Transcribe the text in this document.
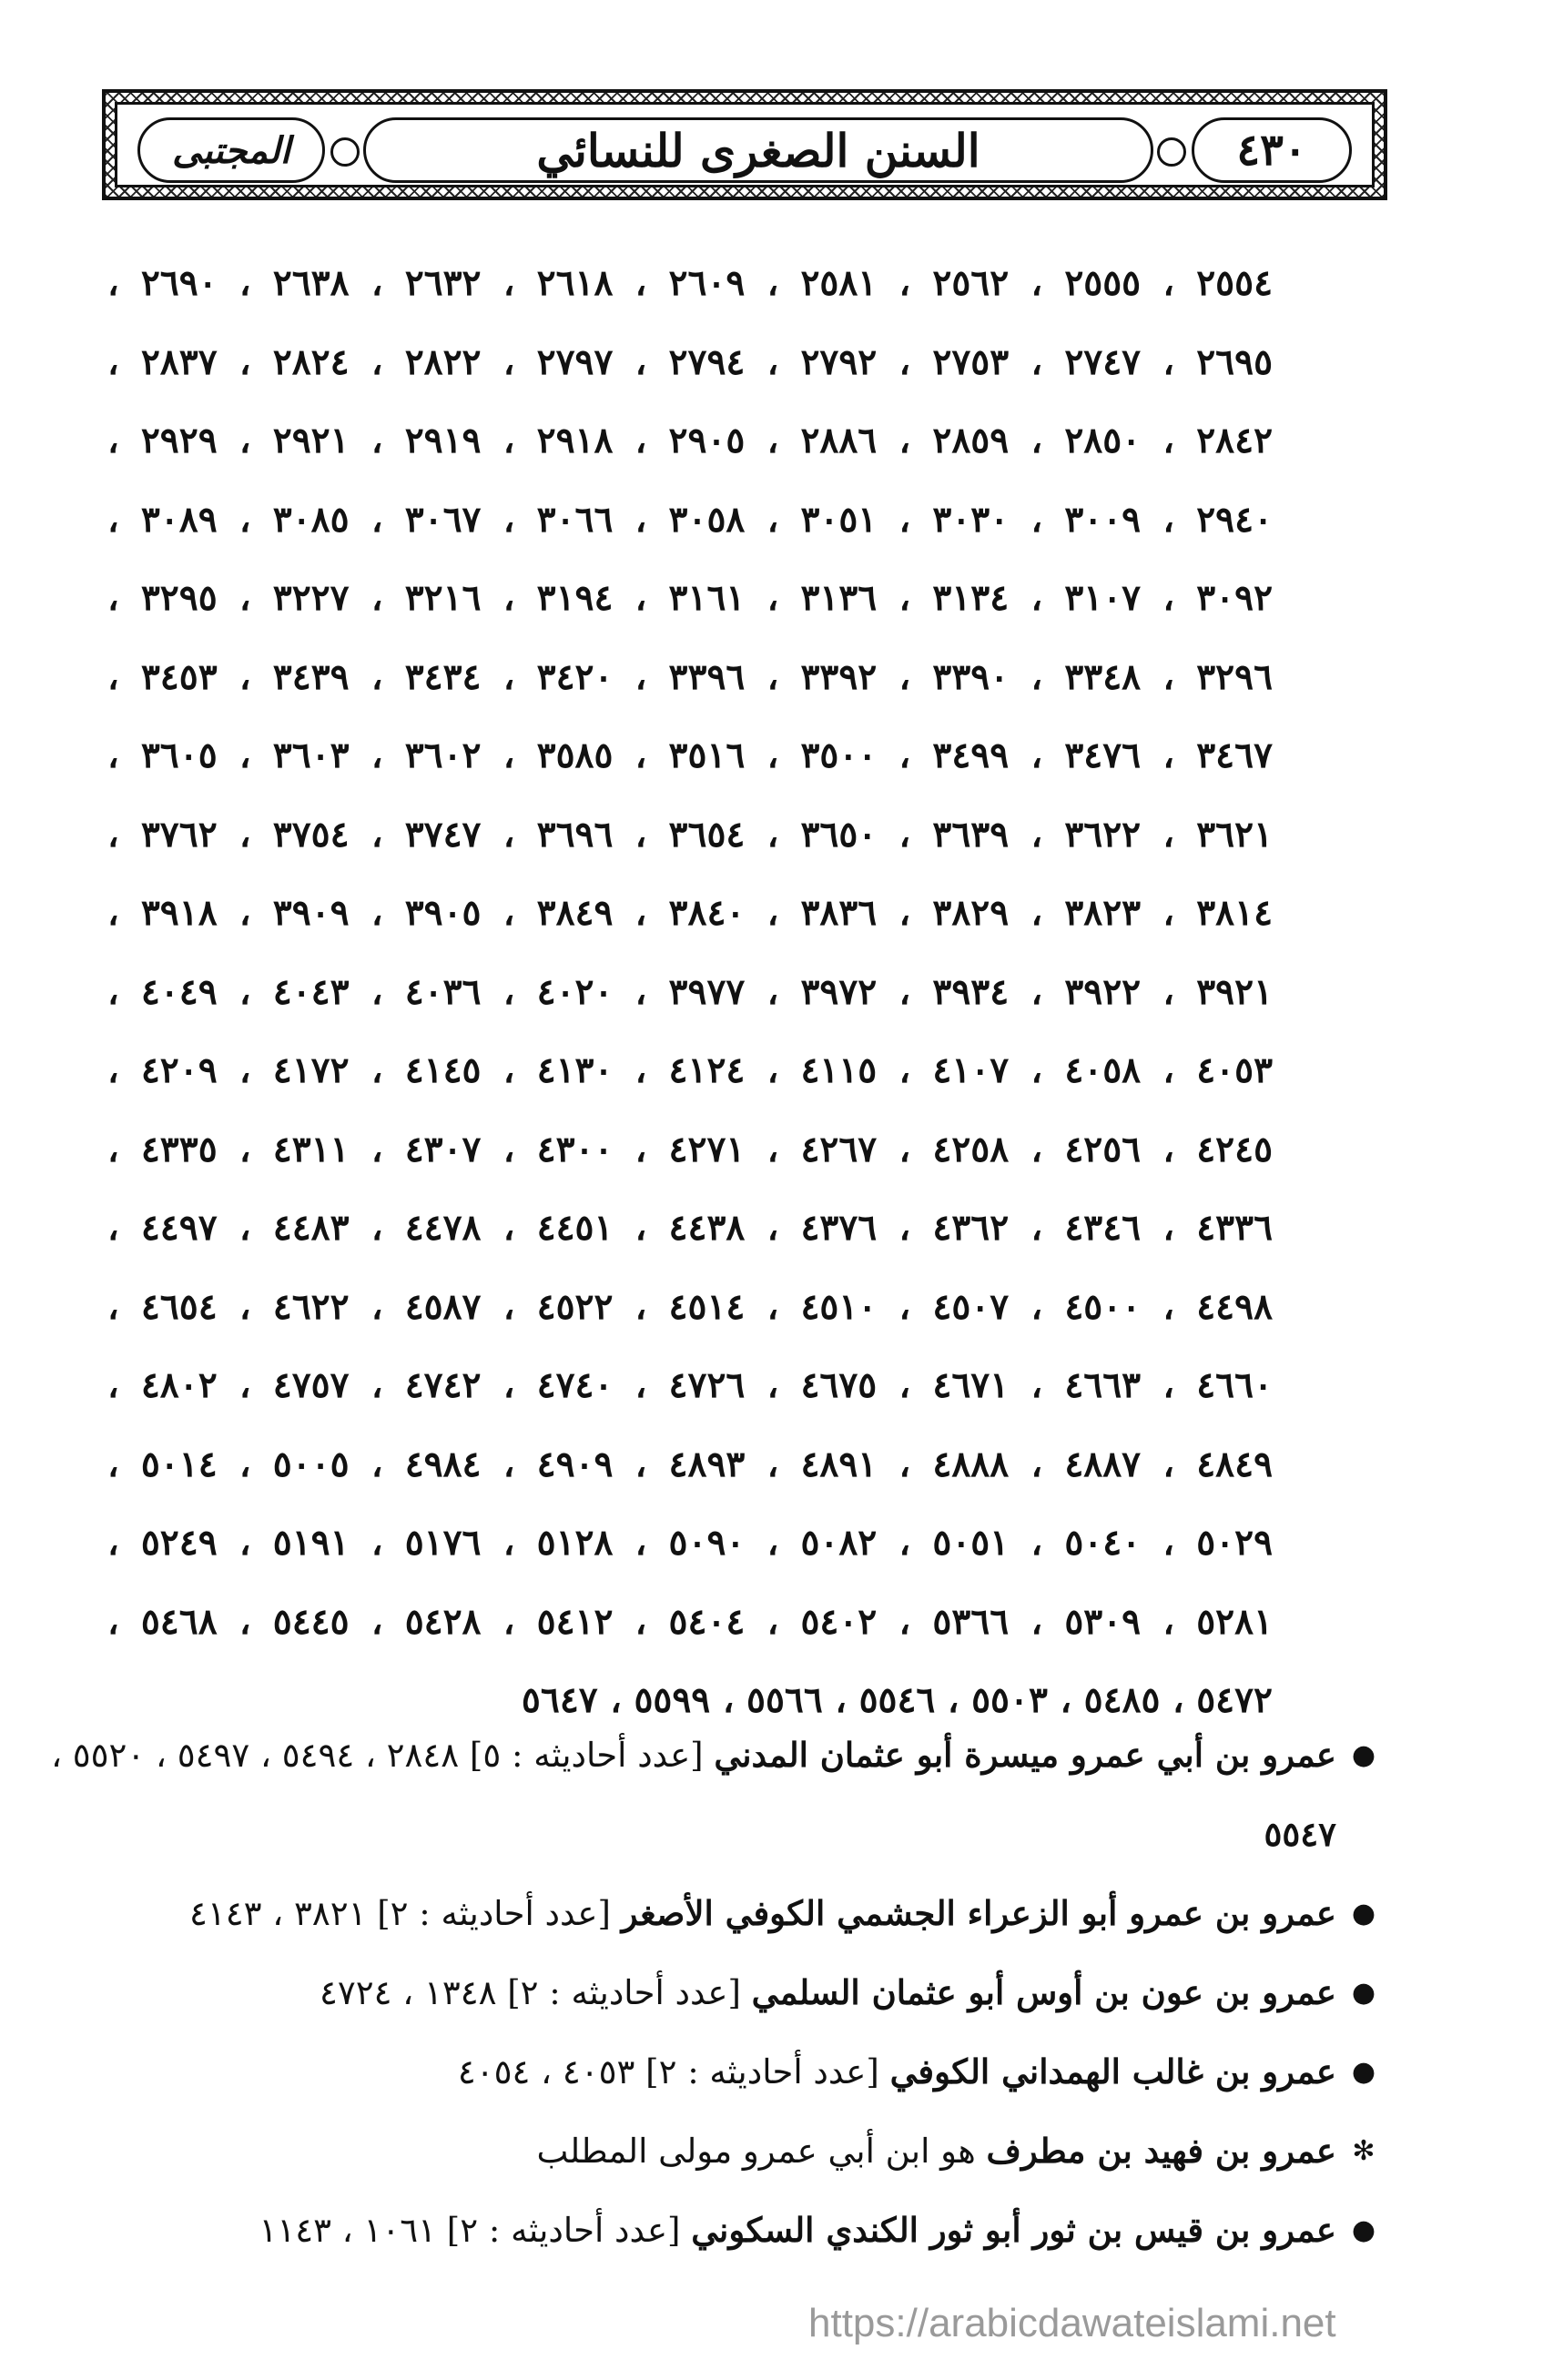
المجتبى	السنن الصغرى للنسائي	٤٣٠
٢٥٥٤ ، ٢٥٥٥ ، ٢٥٦٢ ، ٢٥٨١ ، ٢٦٠٩ ، ٢٦١٨ ، ٢٦٣٢ ، ٢٦٣٨ ، ٢٦٩٠ ،
٢٦٩٥ ، ٢٧٤٧ ، ٢٧٥٣ ، ٢٧٩٢ ، ٢٧٩٤ ، ٢٧٩٧ ، ٢٨٢٢ ، ٢٨٢٤ ، ٢٨٣٧ ،
٢٨٤٢ ، ٢٨٥٠ ، ٢٨٥٩ ، ٢٨٨٦ ، ٢٩٠٥ ، ٢٩١٨ ، ٢٩١٩ ، ٢٩٢١ ، ٢٩٢٩ ،
٢٩٤٠ ، ٣٠٠٩ ، ٣٠٣٠ ، ٣٠٥١ ، ٣٠٥٨ ، ٣٠٦٦ ، ٣٠٦٧ ، ٣٠٨٥ ، ٣٠٨٩ ،
٣٠٩٢ ، ٣١٠٧ ، ٣١٣٤ ، ٣١٣٦ ، ٣١٦١ ، ٣١٩٤ ، ٣٢١٦ ، ٣٢٢٧ ، ٣٢٩٥ ،
٣٢٩٦ ، ٣٣٤٨ ، ٣٣٩٠ ، ٣٣٩٢ ، ٣٣٩٦ ، ٣٤٢٠ ، ٣٤٣٤ ، ٣٤٣٩ ، ٣٤٥٣ ،
٣٤٦٧ ، ٣٤٧٦ ، ٣٤٩٩ ، ٣٥٠٠ ، ٣٥١٦ ، ٣٥٨٥ ، ٣٦٠٢ ، ٣٦٠٣ ، ٣٦٠٥ ،
٣٦٢١ ، ٣٦٢٢ ، ٣٦٣٩ ، ٣٦٥٠ ، ٣٦٥٤ ، ٣٦٩٦ ، ٣٧٤٧ ، ٣٧٥٤ ، ٣٧٦٢ ،
٣٨١٤ ، ٣٨٢٣ ، ٣٨٢٩ ، ٣٨٣٦ ، ٣٨٤٠ ، ٣٨٤٩ ، ٣٩٠٥ ، ٣٩٠٩ ، ٣٩١٨ ،
٣٩٢١ ، ٣٩٢٢ ، ٣٩٣٤ ، ٣٩٧٢ ، ٣٩٧٧ ، ٤٠٢٠ ، ٤٠٣٦ ، ٤٠٤٣ ، ٤٠٤٩ ،
٤٠٥٣ ، ٤٠٥٨ ، ٤١٠٧ ، ٤١١٥ ، ٤١٢٤ ، ٤١٣٠ ، ٤١٤٥ ، ٤١٧٢ ، ٤٢٠٩ ،
٤٢٤٥ ، ٤٢٥٦ ، ٤٢٥٨ ، ٤٢٦٧ ، ٤٢٧١ ، ٤٣٠٠ ، ٤٣٠٧ ، ٤٣١١ ، ٤٣٣٥ ،
٤٣٣٦ ، ٤٣٤٦ ، ٤٣٦٢ ، ٤٣٧٦ ، ٤٤٣٨ ، ٤٤٥١ ، ٤٤٧٨ ، ٤٤٨٣ ، ٤٤٩٧ ،
٤٤٩٨ ، ٤٥٠٠ ، ٤٥٠٧ ، ٤٥١٠ ، ٤٥١٤ ، ٤٥٢٢ ، ٤٥٨٧ ، ٤٦٢٢ ، ٤٦٥٤ ،
٤٦٦٠ ، ٤٦٦٣ ، ٤٦٧١ ، ٤٦٧٥ ، ٤٧٢٦ ، ٤٧٤٠ ، ٤٧٤٢ ، ٤٧٥٧ ، ٤٨٠٢ ،
٤٨٤٩ ، ٤٨٨٧ ، ٤٨٨٨ ، ٤٨٩١ ، ٤٨٩٣ ، ٤٩٠٩ ، ٤٩٨٤ ، ٥٠٠٥ ، ٥٠١٤ ،
٥٠٢٩ ، ٥٠٤٠ ، ٥٠٥١ ، ٥٠٨٢ ، ٥٠٩٠ ، ٥١٢٨ ، ٥١٧٦ ، ٥١٩١ ، ٥٢٤٩ ،
٥٢٨١ ، ٥٣٠٩ ، ٥٣٦٦ ، ٥٤٠٢ ، ٥٤٠٤ ، ٥٤١٢ ، ٥٤٢٨ ، ٥٤٤٥ ، ٥٤٦٨ ،
٥٤٧٢ ، ٥٤٨٥ ، ٥٥٠٣ ، ٥٥٤٦ ، ٥٥٦٦ ، ٥٥٩٩ ، ٥٦٤٧
●
عمرو بن أبي عمرو ميسرة أبو عثمان المدني [عدد أحاديثه : ٥] ٢٨٤٨ ، ٥٤٩٤ ، ٥٤٩٧ ، ٥٥٢٠ ،
٥٥٤٧
●
عمرو بن عمرو أبو الزعراء الجشمي الكوفي الأصغر [عدد أحاديثه : ٢] ٣٨٢١ ، ٤١٤٣
●
عمرو بن عون بن أوس أبو عثمان السلمي [عدد أحاديثه : ٢] ١٣٤٨ ، ٤٧٢٤
●
عمرو بن غالب الهمداني الكوفي [عدد أحاديثه : ٢] ٤٠٥٣ ، ٤٠٥٤
✻
عمرو بن فهيد بن مطرف هو ابن أبي عمرو مولى المطلب
●
عمرو بن قيس بن ثور أبو ثور الكندي السكوني [عدد أحاديثه : ٢] ١٠٦١ ، ١١٤٣
https://arabicdawateislami.net
